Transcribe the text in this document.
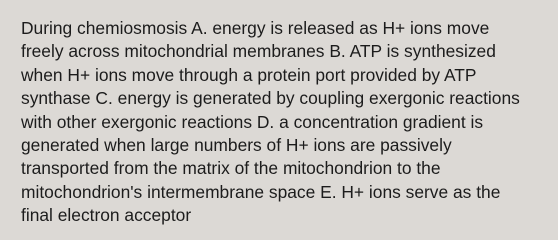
During chemiosmosis A. energy is released as H+ ions move
freely across mitochondrial membranes B. ATP is synthesized
when H+ ions move through a protein port provided by ATP
synthase C. energy is generated by coupling exergonic reactions
with other exergonic reactions D. a concentration gradient is
generated when large numbers of H+ ions are passively
transported from the matrix of the mitochondrion to the
mitochondrion's intermembrane space E. H+ ions serve as the
final electron acceptor
